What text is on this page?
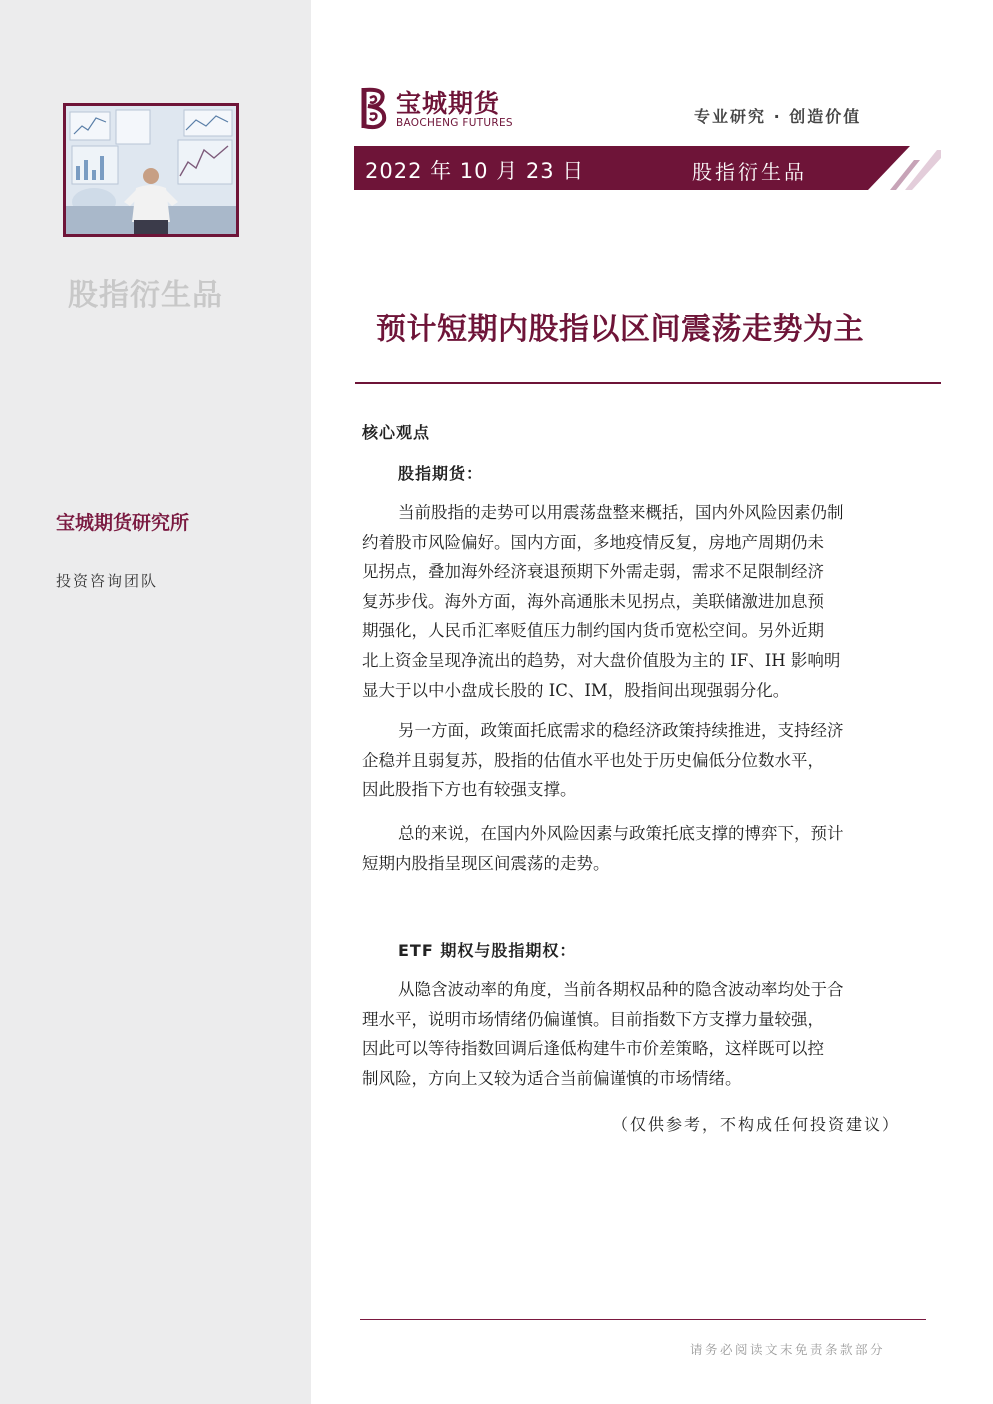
股指衍生品
宝城期货研究所
投资咨询团队
宝城期货
BAOCHENG FUTURES	专业研究 · 创造价值
2022 年 10 月 23 日	股指衍生品
预计短期内股指以区间震荡走势为主
核心观点
股指期货：
当前股指的走势可以用震荡盘整来概括，国内外风险因素仍制
约着股市风险偏好。国内方面，多地疫情反复，房地产周期仍未
见拐点，叠加海外经济衰退预期下外需走弱，需求不足限制经济
复苏步伐。海外方面，海外高通胀未见拐点，美联储激进加息预
期强化，人民币汇率贬值压力制约国内货币宽松空间。另外近期
北上资金呈现净流出的趋势，对大盘价值股为主的 IF、IH 影响明
显大于以中小盘成长股的 IC、IM，股指间出现强弱分化。
另一方面，政策面托底需求的稳经济政策持续推进，支持经济
企稳并且弱复苏，股指的估值水平也处于历史偏低分位数水平，
因此股指下方也有较强支撑。
总的来说，在国内外风险因素与政策托底支撑的博弈下，预计
短期内股指呈现区间震荡的走势。
ETF 期权与股指期权：
从隐含波动率的角度，当前各期权品种的隐含波动率均处于合
理水平，说明市场情绪仍偏谨慎。目前指数下方支撑力量较强，
因此可以等待指数回调后逢低构建牛市价差策略，这样既可以控
制风险，方向上又较为适合当前偏谨慎的市场情绪。
（仅供参考，不构成任何投资建议）
请务必阅读文末免责条款部分
